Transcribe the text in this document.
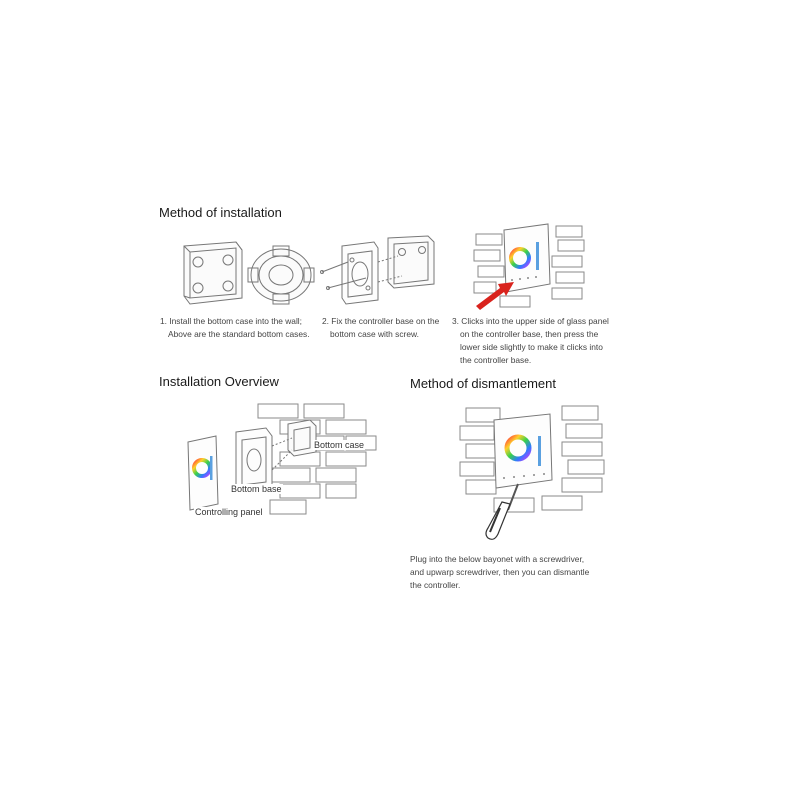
Method of installation
1. Install the bottom case into the wall;
Above are the standard bottom cases.
2. Fix the controller base on the
bottom case with screw.
3. Clicks into the upper side of glass panel
on the controller base, then press the
lower side slightly to make it clicks into
the controller base.
Installation Overview
Bottom case
Bottom base
Controlling panel
Method of dismantlement
Plug into the below bayonet with a screwdriver,
and upwarp screwdriver, then you can dismantle
the controller.
